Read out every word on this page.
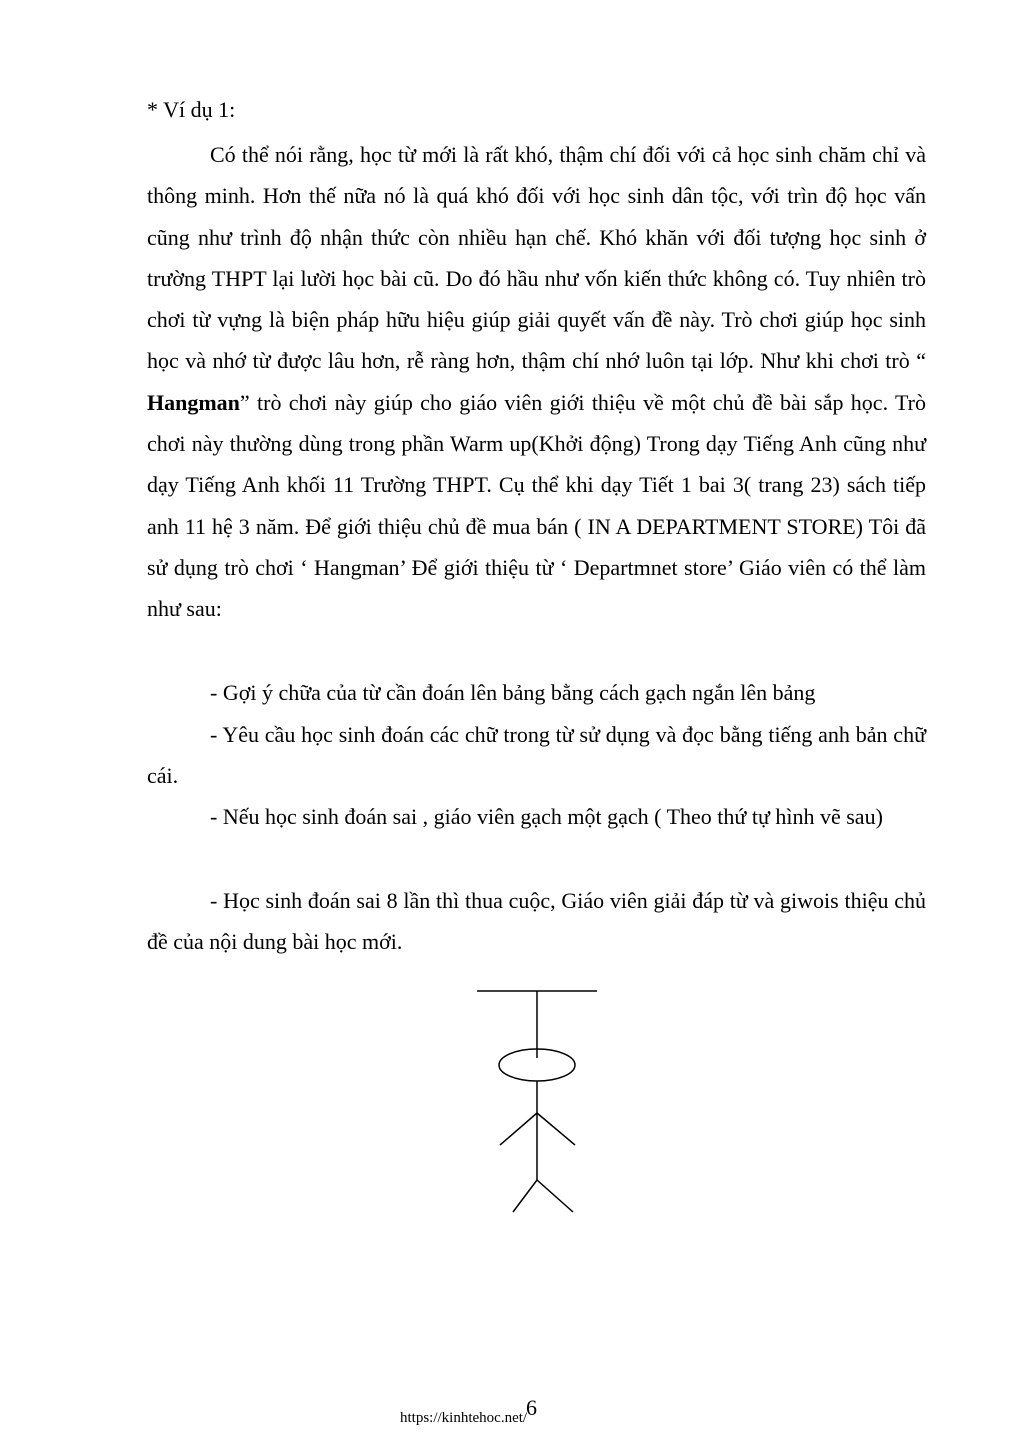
* Ví dụ 1:

Có thể nói rằng, học từ mới là rất khó, thậm chí đối với cả học sinh chăm chỉ và thông minh. Hơn thế nữa nó là quá khó đối với học sinh dân tộc, với trìn độ học vấn cũng như trình độ nhận thức còn nhiều hạn chế. Khó khăn với đối tượng học sinh ở trường THPT lại lười học bài cũ. Do đó hầu như vốn kiến thức không có. Tuy nhiên trò chơi từ vựng là biện pháp hữu hiệu giúp giải quyết vấn đề này. Trò chơi giúp học sinh học và nhớ từ được lâu hơn, rễ ràng hơn, thậm chí nhớ luôn tại lớp. Như khi chơi trò “ Hangman” trò chơi này giúp cho giáo viên giới thiệu về một chủ đề bài sắp học. Trò chơi này thường dùng trong phần Warm up(Khởi động) Trong dạy Tiếng Anh cũng như dạy Tiếng Anh khối 11 Trường THPT. Cụ thể khi dạy Tiết 1 bai 3( trang 23) sách tiếp anh 11 hệ 3 năm. Để giới thiệu chủ đề mua bán ( IN A DEPARTMENT STORE) Tôi đã sử dụng trò chơi ‘ Hangman’ Để giới thiệu từ ‘ Departmnet store’ Giáo viên có thể làm như sau:

- Gợi ý chữa của từ cần đoán lên bảng bằng cách gạch ngắn lên bảng

- Yêu cầu học sinh đoán các chữ trong từ sử dụng và đọc bằng tiếng anh bản chữ cái.

- Nếu học sinh đoán sai , giáo viên gạch một gạch ( Theo thứ tự hình vẽ sau)

- Học sinh đoán sai 8 lần thì thua cuộc, Giáo viên giải đáp từ và giwois thiệu chủ đề của nội dung bài học mới.

6
https://kinhtehoc.net/
